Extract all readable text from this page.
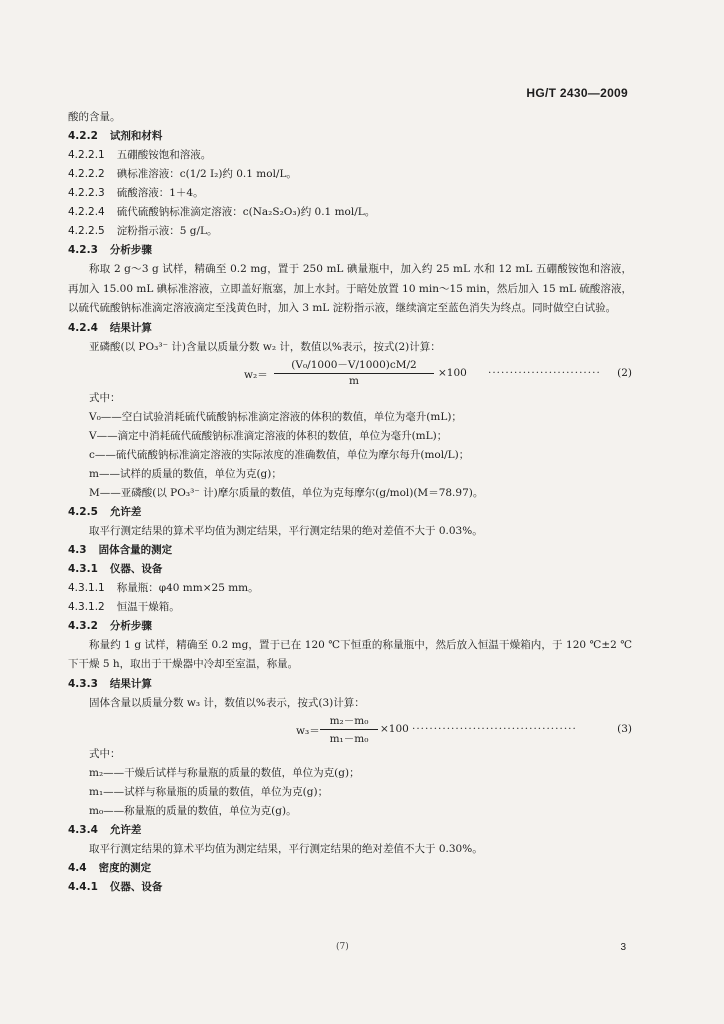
HG/T 2430—2009
酸的含量。
4.2.2 试剂和材料
4.2.2.1 五硼酸铵饱和溶液。
4.2.2.2 碘标准溶液：c(1/2 I₂)约 0.1 mol/L。
4.2.2.3 硫酸溶液：1＋4。
4.2.2.4 硫代硫酸钠标准滴定溶液：c(Na₂S₂O₃)约 0.1 mol/L。
4.2.2.5 淀粉指示液：5 g/L。
4.2.3 分析步骤
称取 2 g～3 g 试样，精确至 0.2 mg，置于 250 mL 碘量瓶中，加入约 25 mL 水和 12 mL 五硼酸铵饱和溶液，再加入 15.00 mL 碘标准溶液，立即盖好瓶塞，加上水封。于暗处放置 10 min～15 min，然后加入 15 mL 硫酸溶液，以硫代硫酸钠标准滴定溶液滴定至浅黄色时，加入 3 mL 淀粉指示液，继续滴定至蓝色消失为终点。同时做空白试验。
4.2.4 结果计算
亚磷酸(以 PO₃³⁻ 计)含量以质量分数 w₂ 计，数值以%表示，按式(2)计算：
$w_2= \frac{\text{(V₀/1000－V/1000)cM/2}}{m} \times 100$ ·························· (2)
式中：
V₀——空白试验消耗硫代硫酸钠标准滴定溶液的体积的数值，单位为毫升(mL)；
V——滴定中消耗硫代硫酸钠标准滴定溶液的体积的数值，单位为毫升(mL)；
c——硫代硫酸钠标准滴定溶液的实际浓度的准确数值，单位为摩尔每升(mol/L)；
m——试样的质量的数值，单位为克(g)；
M——亚磷酸(以 PO₃³⁻ 计)摩尔质量的数值，单位为克每摩尔(g/mol)(M＝78.97)。
4.2.5 允许差
取平行测定结果的算术平均值为测定结果，平行测定结果的绝对差值不大于 0.03%。
4.3 固体含量的测定
4.3.1 仪器、设备
4.3.1.1 称量瓶：φ40 mm×25 mm。
4.3.1.2 恒温干燥箱。
4.3.2 分析步骤
称量约 1 g 试样，精确至 0.2 mg，置于已在 120 ℃下恒重的称量瓶中，然后放入恒温干燥箱内，于 120 ℃±2 ℃下干燥 5 h，取出于干燥器中冷却至室温，称量。
4.3.3 结果计算
固体含量以质量分数 w₃ 计，数值以%表示，按式(3)计算：
$w_3= \frac{\text{m₂－m₀}}{\text{m₁－m₀}} \times 100$ ······································	(3)
式中：
m₂——干燥后试样与称量瓶的质量的数值，单位为克(g)；
m₁——试样与称量瓶的质量的数值，单位为克(g)；
m₀——称量瓶的质量的数值，单位为克(g)。
4.3.4 允许差
取平行测定结果的算术平均值为测定结果，平行测定结果的绝对差值不大于 0.30%。
4.4 密度的测定
4.4.1 仪器、设备
(7)	3
